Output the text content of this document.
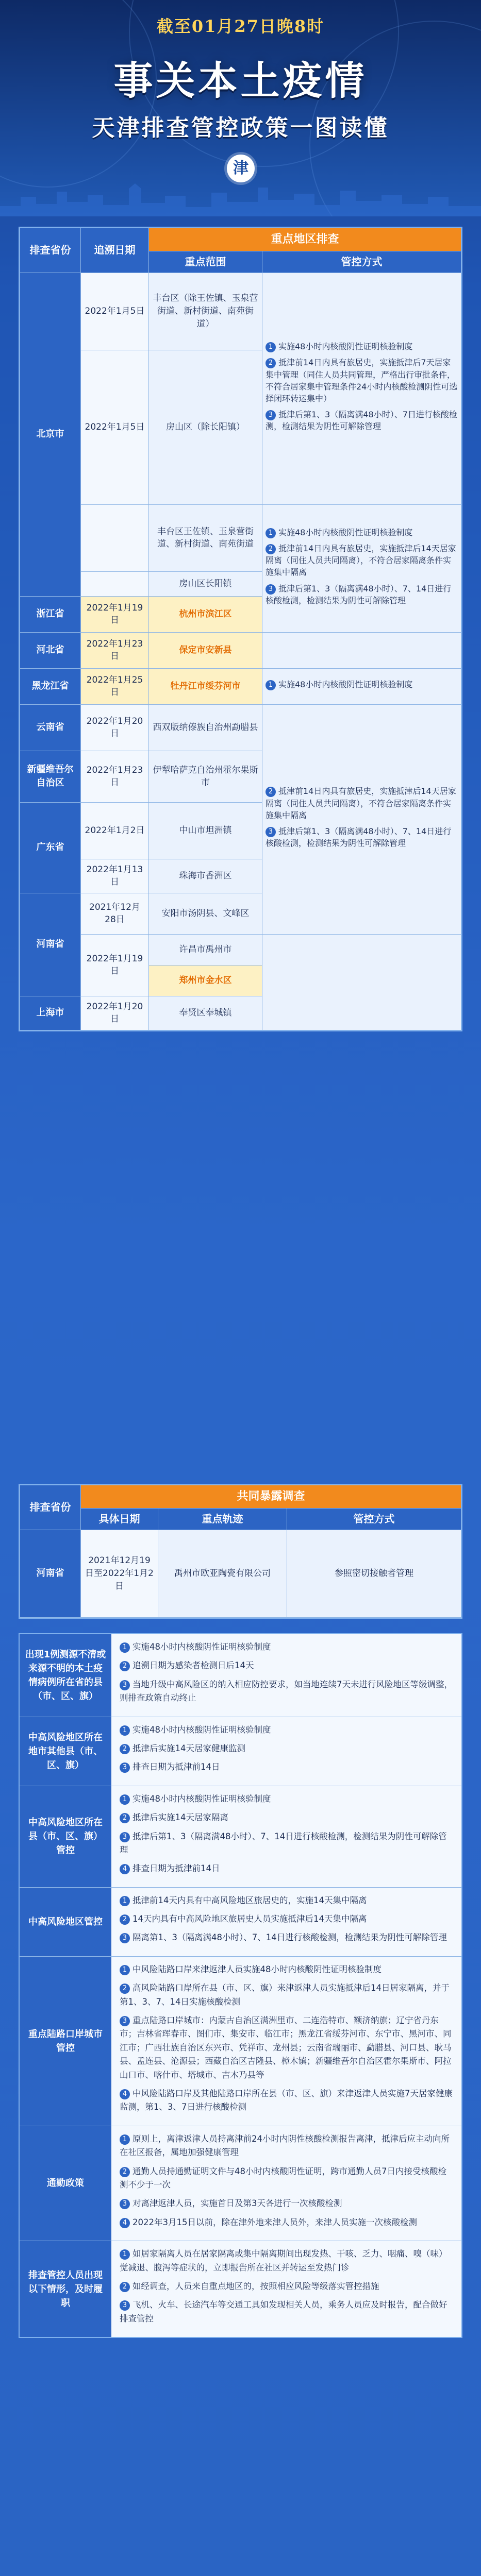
截至01月27日晚8时
事关本土疫情
天津排查管控政策一图读懂
津
排查省份	追溯日期	重点地区排查	
		重点范围	管控方式
北京市	2022年1月5日	丰台区（除王佐镇、玉泉营街道、新村街道、南苑街道）	1 实施48小时内核酸阴性证明核验制度

2 抵津前14日内具有旅居史，实施抵津后7天居家集中管理（同住人员共同管理，严格出行审批条件，不符合居家集中管理条件24小时内核酸检测阴性可选择闭环转运集中）

3 抵津后第1、3（隔离满48小时）、7日进行核酸检测，检测结果为阴性可解除管理

	2022年1月5日	房山区（除长阳镇）	
		丰台区王佐镇、玉泉营街道、新村街道、南苑街道	1 实施48小时内核酸阴性证明核验制度

2 抵津前14日内具有旅居史，实施抵津后14天居家隔离（同住人员共同隔离），不符合居家隔离条件实施集中隔离

3 抵津后第1、3（隔离满48小时）、7、14日进行核酸检测，检测结果为阴性可解除管理

		房山区长阳镇	
浙江省	2022年1月19日	杭州市滨江区	
河北省	2022年1月23日	保定市安新县	
黑龙江省	2022年1月25日	牡丹江市绥芬河市	1 实施48小时内核酸阴性证明核验制度

云南省	2022年1月20日	西双版纳傣族自治州勐腊县	2 抵津前14日内具有旅居史，实施抵津后14天居家隔离（同住人员共同隔离），不符合居家隔离条件实施集中隔离

3 抵津后第1、3（隔离满48小时）、7、14日进行核酸检测，检测结果为阴性可解除管理

新疆维吾尔自治区	2022年1月23日	伊犁哈萨克自治州霍尔果斯市	
广东省	2022年1月2日	中山市坦洲镇	
	2022年1月13日	珠海市香洲区	
河南省	2021年12月28日	安阳市汤阴县、文峰区	
	2022年1月19日	许昌市禹州市	
		郑州市金水区	
上海市	2022年1月20日	奉贤区奉城镇	
排查省份	共同暴露调查		
	具体日期	重点轨迹	管控方式
河南省	2021年12月19日至2022年1月2日	禹州市欧亚陶瓷有限公司	参照密切接触者管理
出现1例测源不清或来源不明的本土疫情病例所在省的县（市、区、旗）

1 实施48小时内核酸阴性证明核验制度

2 追溯日期为感染者检测日后14天

3 当地升级中高风险区的纳入相应防控要求，如当地连续7天未进行风险地区等级调整，则排查政策自动终止

中高风险地区所在地市其他县（市、区、旗）

1 实施48小时内核酸阴性证明核验制度

2 抵津后实施14天居家健康监测

3 排查日期为抵津前14日

中高风险地区所在县（市、区、旗）管控

1 实施48小时内核酸阴性证明核验制度

2 抵津后实施14天居家隔离

3 抵津后第1、3（隔离满48小时）、7、14日进行核酸检测，检测结果为阴性可解除管理

4 排查日期为抵津前14日

中高风险地区管控

1 抵津前14天内具有中高风险地区旅居史的，实施14天集中隔离

2 14天内具有中高风险地区旅居史人员实施抵津后14天集中隔离

3 隔离第1、3（隔离满48小时）、7、14日进行核酸检测，检测结果为阴性可解除管理

重点陆路口岸城市管控

1 中风险陆路口岸来津返津人员实施48小时内核酸阴性证明核验制度

2 高风险陆路口岸所在县（市、区、旗）来津返津人员实施抵津后14日居家隔离，并于第1、3、7、14日实施核酸检测

3 重点陆路口岸城市：内蒙古自治区满洲里市、二连浩特市、额济纳旗；辽宁省丹东市；吉林省珲春市、图们市、集安市、临江市；黑龙江省绥芬河市、东宁市、黑河市、同江市；广西壮族自治区东兴市、凭祥市、龙州县；云南省瑞丽市、勐腊县、河口县、耿马县、孟连县、沧源县；西藏自治区吉隆县、樟木镇；新疆维吾尔自治区霍尔果斯市、阿拉山口市、喀什市、塔城市、吉木乃县等

4 中风险陆路口岸及其他陆路口岸所在县（市、区、旗）来津返津人员实施7天居家健康监测，第1、3、7日进行核酸检测

通勤政策

1 原则上，离津返津人员持离津前24小时内阴性核酸检测报告离津，抵津后应主动向所在社区报备，属地加强健康管理

2 通勤人员持通勤证明文件与48小时内核酸阴性证明，跨市通勤人员7日内接受核酸检测不少于一次

3 对离津返津人员，实施首日及第3天各进行一次核酸检测

4 2022年3月15日以前，除在津外地来津人员外，来津人员实施一次核酸检测

排查管控人员出现以下情形，及时履职

1 如居家隔离人员在居家隔离或集中隔离期间出现发热、干咳、乏力、咽痛、嗅（味）觉减退、腹泻等症状的，立即报告所在社区并转运至发热门诊

2 如经调查，人员来自重点地区的，按照相应风险等级落实管控措施

3 飞机、火车、长途汽车等交通工具如发现相关人员，乘务人员应及时报告，配合做好排查管控
